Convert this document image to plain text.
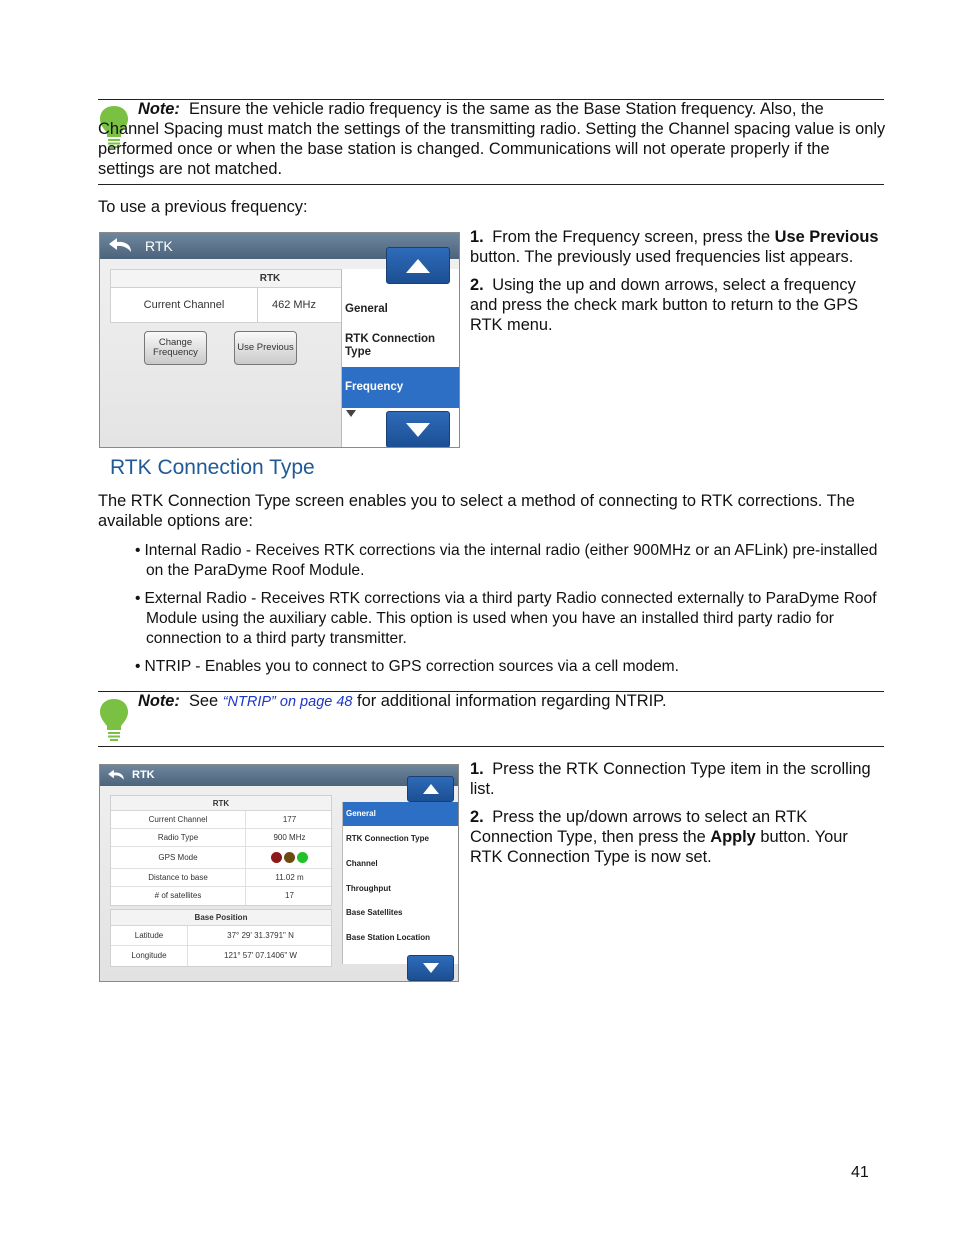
Note: Ensure the vehicle radio frequency is the same as the Base Station frequency. Also, the Channel Spacing must match the settings of the transmitting radio. Setting the Channel spacing value is only performed once or when the base station is changed. Communications will not operate properly if the settings are not matched.
To use a previous frequency:
RTK
RTK
Current Channel	462 MHz
Change
Frequency	Use Previous
General
RTK Connection Type
Frequency

1. From the Frequency screen, press the Use Previous button. The previously used frequencies list appears.

2. Using the up and down arrows, select a frequency and press the check mark button to return to the GPS RTK menu.

RTK Connection Type
The RTK Connection Type screen enables you to select a method of connecting to RTK corrections. The available options are:
• Internal Radio - Receives RTK corrections via the internal radio (either 900MHz or an AFLink) pre-installed on the ParaDyme Roof Module.
• External Radio - Receives RTK corrections via a third party Radio connected externally to ParaDyme Roof Module using the auxiliary cable. This option is used when you have an installed third party radio for connection to a third party transmitter.
• NTRIP - Enables you to connect to GPS correction sources via a cell modem.
Note: See “NTRIP” on page 48 for additional information regarding NTRIP.
RTK
RTK
Current Channel	177
Radio Type	900 MHz
GPS Mode
Distance to base	11.02 m
# of satellites	17
Base Position
Latitude	37° 29' 31.3791" N
Longitude	121° 57' 07.1406" W
General
RTK Connection Type
Channel
Throughput
Base Satellites
Base Station Location

1. Press the RTK Connection Type item in the scrolling list.

2. Press the up/down arrows to select an RTK Connection Type, then press the Apply button. Your RTK Connection Type is now set.

41
